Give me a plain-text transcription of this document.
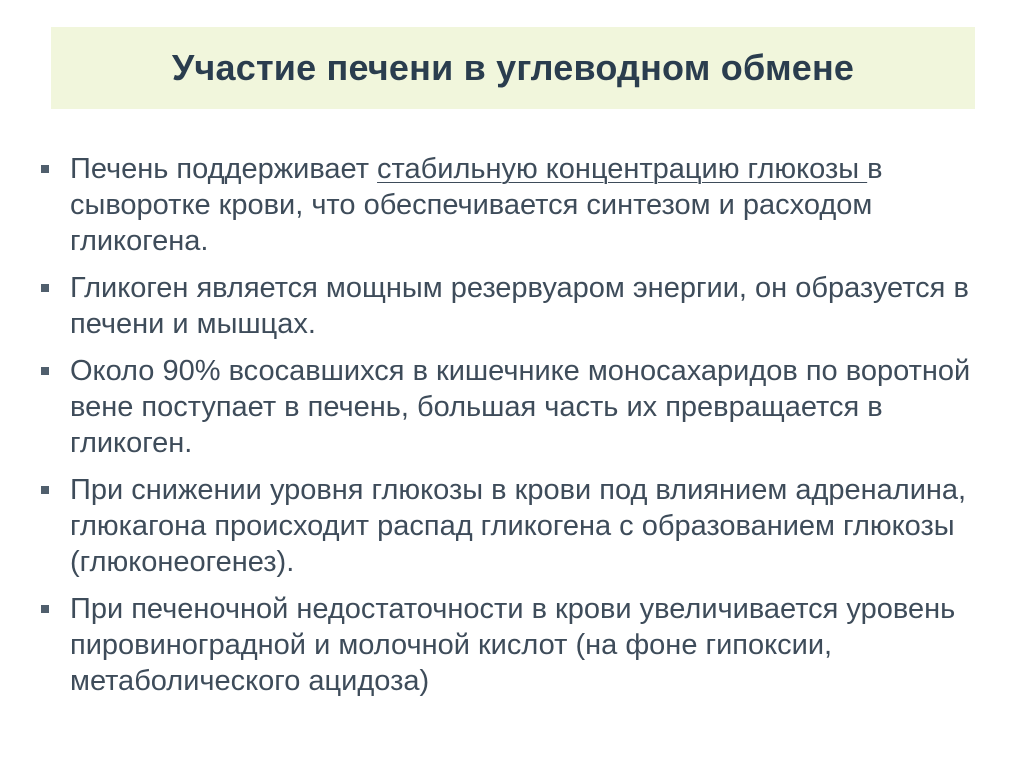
Участие печени в углеводном обмене
Печень поддерживает стабильную концентрацию глюкозы в сыворотке крови, что обеспечивается синтезом и расходом гликогена.
Гликоген является мощным резервуаром энергии, он образуется в печени и мышцах.
Около 90% всосавшихся в кишечнике моносахаридов по воротной вене поступает в печень, большая часть их превращается в гликоген.
При снижении уровня глюкозы в крови под влиянием адреналина, глюкагона происходит распад гликогена с образованием глюкозы (глюконеогенез).
При печеночной недостаточности в крови увеличивается уровень пировиноградной и молочной кислот (на фоне гипоксии, метаболического ацидоза)
